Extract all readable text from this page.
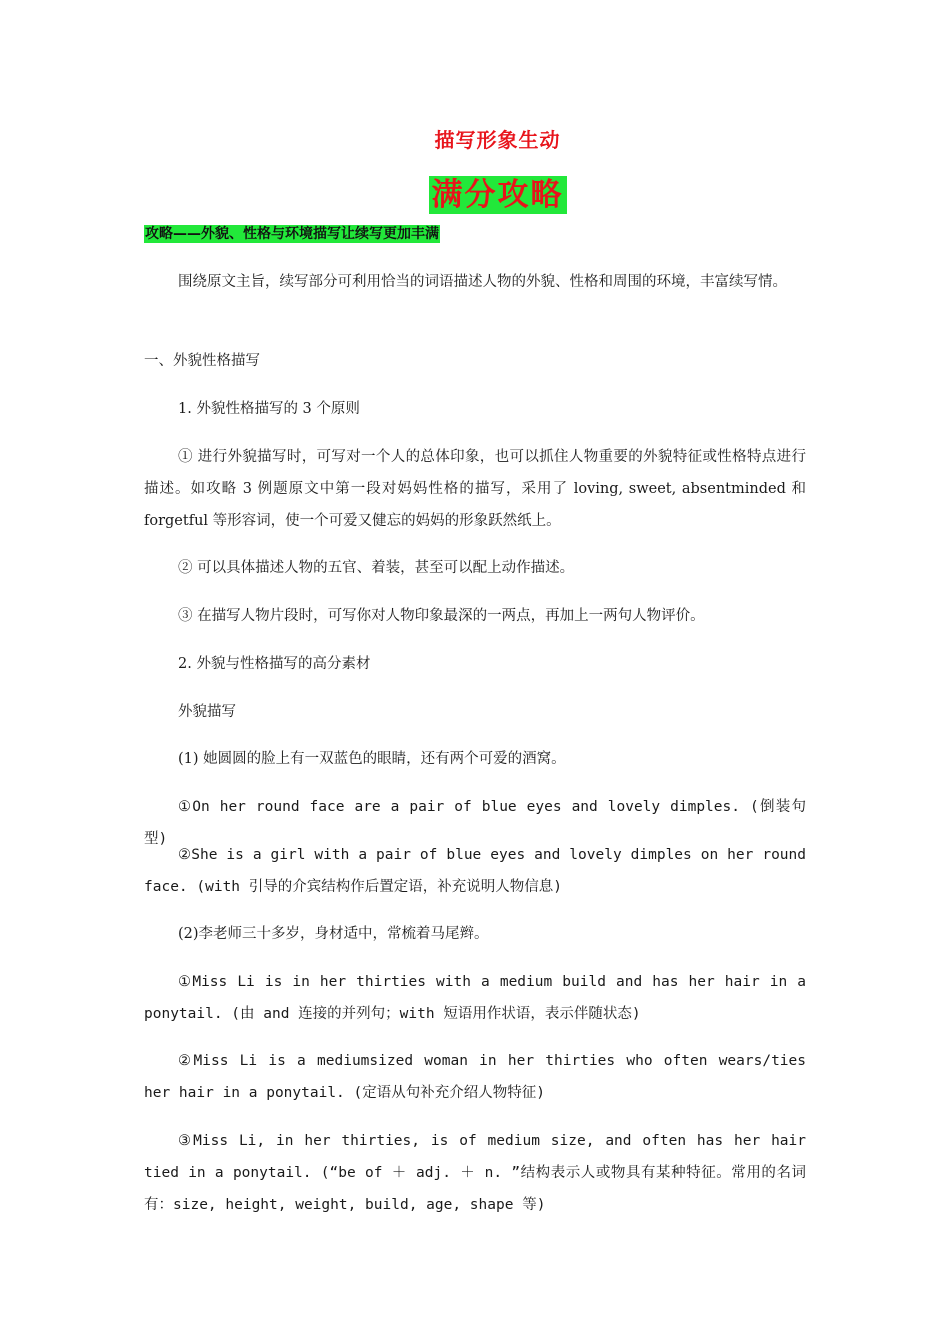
描写形象生动
满分攻略
攻略——外貌、性格与环境描写让续写更加丰满
围绕原文主旨，续写部分可利用恰当的词语描述人物的外貌、性格和周围的环境，丰富续写情。
一、外貌性格描写
1. 外貌性格描写的 3 个原则
① 进行外貌描写时，可写对一个人的总体印象，也可以抓住人物重要的外貌特征或性格特点进行描述。如攻略 3 例题原文中第一段对妈妈性格的描写，采用了 loving, sweet, absentminded 和 forgetful 等形容词，使一个可爱又健忘的妈妈的形象跃然纸上。
② 可以具体描述人物的五官、着装，甚至可以配上动作描述。
③ 在描写人物片段时，可写你对人物印象最深的一两点，再加上一两句人物评价。
2. 外貌与性格描写的高分素材
外貌描写
(1) 她圆圆的脸上有一双蓝色的眼睛，还有两个可爱的酒窝。
①On her round face are a pair of blue eyes and lovely dimples. (倒装句型)
②She is a girl with a pair of blue eyes and lovely dimples on her round face. (with 引导的介宾结构作后置定语，补充说明人物信息)
(2)李老师三十多岁，身材适中，常梳着马尾辫。
①Miss Li is in her thirties with a medium build and has her hair in a ponytail. (由 and 连接的并列句；with 短语用作状语，表示伴随状态)
②Miss Li is a mediumsized woman in her thirties who often wears/ties her hair in a ponytail. (定语从句补充介绍人物特征)
③Miss Li, in her thirties, is of medium size, and often has her hair tied in a ponytail. (“be of ＋ adj. ＋ n. ”结构表示人或物具有某种特征。常用的名词有：size, height, weight, build, age, shape 等)
